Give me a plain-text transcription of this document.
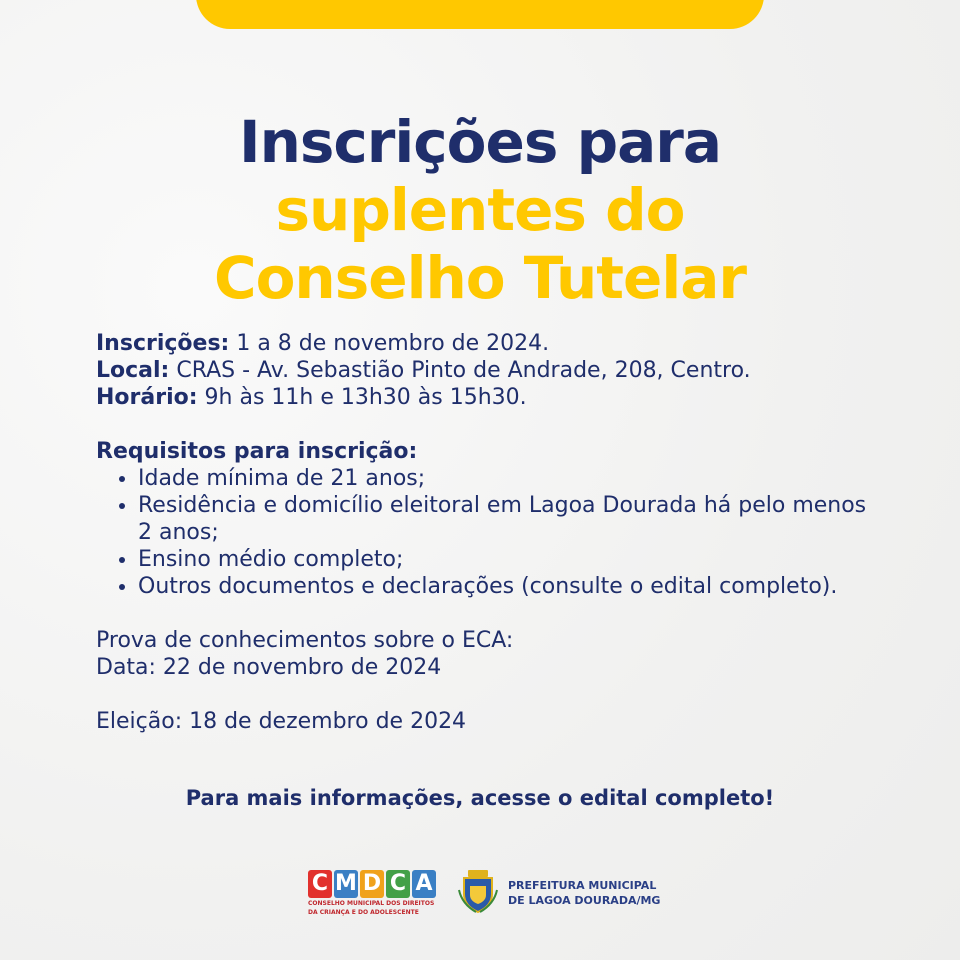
Inscrições para
suplentes do
Conselho Tutelar
Inscrições: 1 a 8 de novembro de 2024.
Local: CRAS - Av. Sebastião Pinto de Andrade, 208, Centro.
Horário: 9h às 11h e 13h30 às 15h30.
Requisitos para inscrição:
• Idade mínima de 21 anos;
• Residência e domicílio eleitoral em Lagoa Dourada há pelo menos 2 anos;
• Ensino médio completo;
• Outros documentos e declarações (consulte o edital completo).
Prova de conhecimentos sobre o ECA:
Data: 22 de novembro de 2024
Eleição: 18 de dezembro de 2024
Para mais informações, acesse o edital completo!
C M D C A
CONSELHO MUNICIPAL DOS DIREITOS
DA CRIANÇA E DO ADOLESCENTE
PREFEITURA MUNICIPAL
DE LAGOA DOURADA/MG
